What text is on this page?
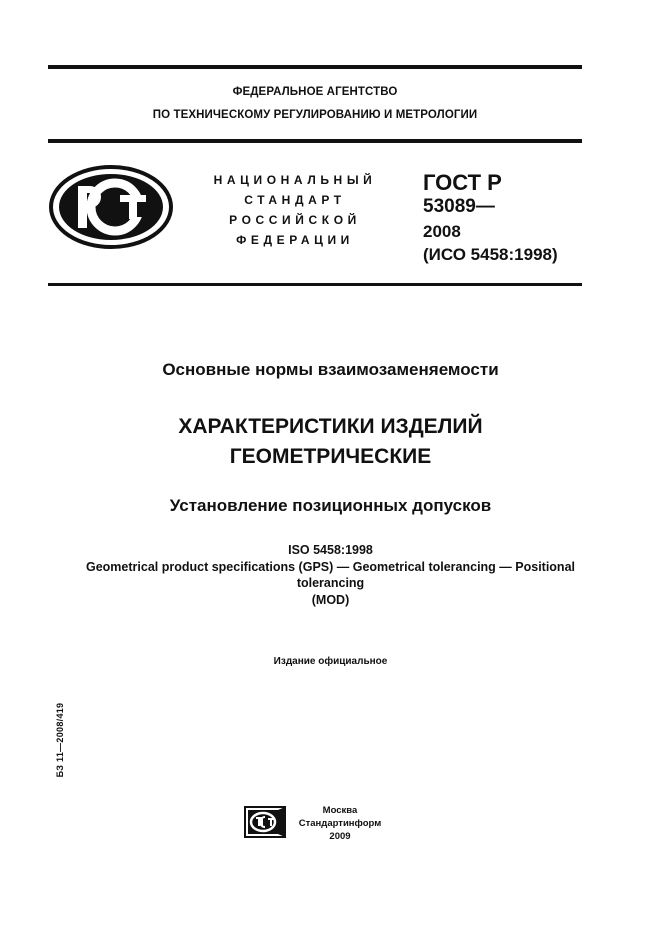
ФЕДЕРАЛЬНОЕ АГЕНТСТВО
ПО ТЕХНИЧЕСКОМУ РЕГУЛИРОВАНИЮ И МЕТРОЛОГИИ
НАЦИОНАЛЬНЫЙ
СТАНДАРТ
РОССИЙСКОЙ
ФЕДЕРАЦИИ
ГОСТ Р
53089—
2008
(ИСО 5458:1998)
Основные нормы взаимозаменяемости
ХАРАКТЕРИСТИКИ ИЗДЕЛИЙ
ГЕОМЕТРИЧЕСКИЕ
Установление позиционных допусков
ISO 5458:1998
Geometrical product specifications (GPS) — Geometrical tolerancing — Positional
tolerancing
(MOD)
Издание официальное
БЗ 11—2008/419
Москва
Стандартинформ
2009
